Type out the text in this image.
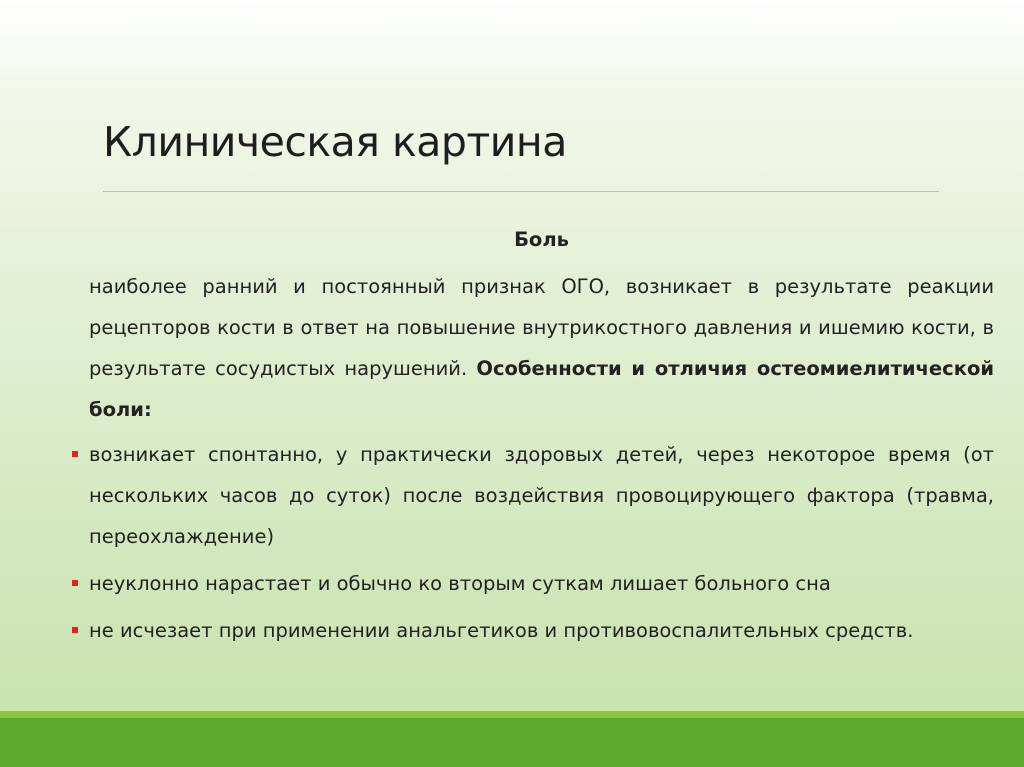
Клиническая картина
Боль

наиболее ранний и постоянный признак ОГО, возникает в результате реакции рецепторов кости в ответ на повышение внутрикостного давления и ишемию кости, в результате сосудистых нарушений. Особенности и отличия остеомиелитической боли:

возникает спонтанно, у практически здоровых детей, через некоторое время (от нескольких часов до суток) после воздействия провоцирующего фактора (травма, переохлаждение)
неуклонно нарастает и обычно ко вторым суткам лишает больного сна
не исчезает при применении анальгетиков и противовоспалительных средств.
